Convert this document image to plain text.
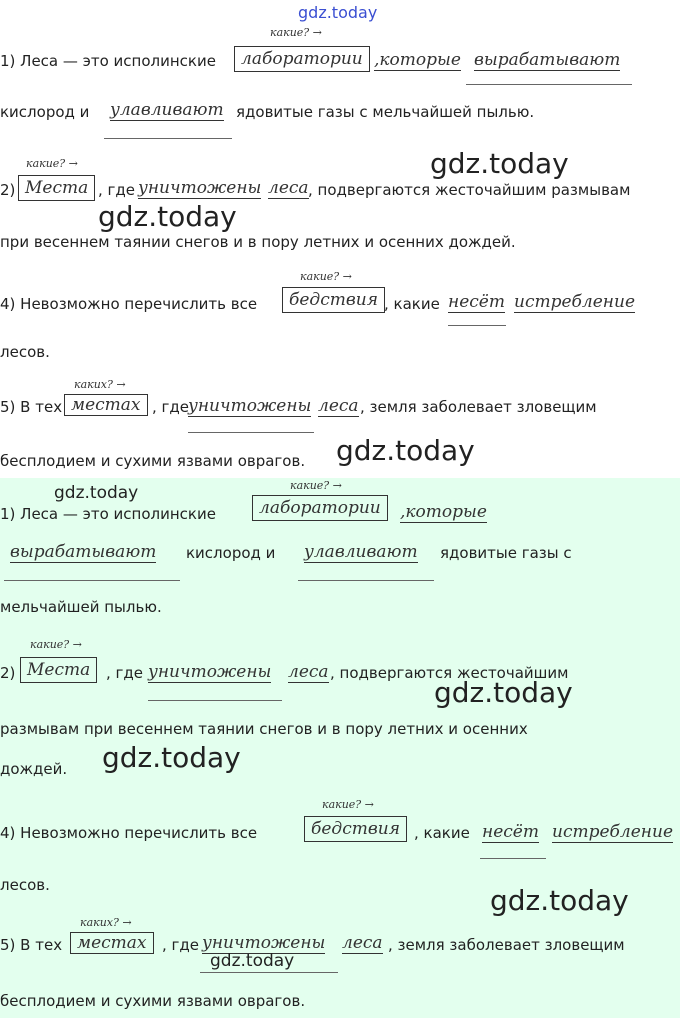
gdz.today
какие? →
1) Леса — это исполинские	лаборатории ,которые вырабатывают
кислород и улавливают ядовитые газы с мельчайшей пылью.
какие? →
2) Места , где уничтожены леса , подвергаются жесточайшим размывам
при весеннем таянии снегов и в пору летних и осенних дождей.
какие? →
4) Невозможно перечислить все	бедствия , какие несёт истребление
лесов.
каких? →
5) В тех местах , где
уничтожены леса , земля заболевает зловещим
бесплодием и сухими язвами оврагов.
gdz.today
gdz.today
gdz.today
какие? →
1) Леса — это исполинские	лаборатории	,которые
вырабатывают кислород и улавливают ядовитые газы с
мельчайшей пылью.
какие? →
2) Места	, где уничтожены леса , подвергаются жесточайшим
размывам при весеннем таянии снегов и в пору летних и осенних
дождей.
какие? →
4) Невозможно перечислить все	бедствия , какие несёт истребление
лесов.
каких? →
5) В тех местах	, где уничтожены леса , земля заболевает зловещим
бесплодием и сухими язвами оврагов.
gdz.today
gdz.today
gdz.today
gdz.today
gdz.today
